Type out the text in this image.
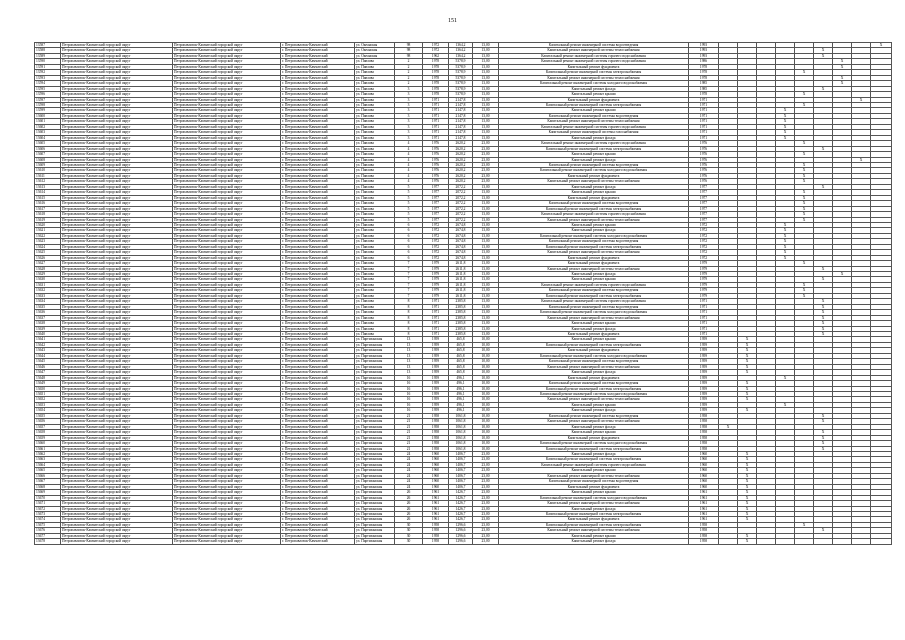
151
13587	Петропавловск-Камчатский городской округ	Петропавловск-Камчатский городской округ	г. Петропавловск-Камчатский	ул. Океанская	98	1972	1364,2	13,00	Капитальный ремонт инженерной системы водоотведения	1993									X
13588	Петропавловск-Камчатский городской округ	Петропавловск-Камчатский городской округ	г. Петропавловск-Камчатский	ул. Океанская	98	1972	1364,2	13,00	Капитальный ремонт инженерной системы теплоснабжения	1993						X			
13589	Петропавловск-Камчатский городской округ	Петропавловск-Камчатский городской округ	г. Петропавловск-Камчатский	ул. Океанская	98	1962	1364,2	13,00	Капитальный ремонт инженерной системы горячего водоснабжения	1993						X			
13590	Петропавловск-Камчатский городской округ	Петропавловск-Камчатский городской округ	г. Петропавловск-Камчатский	ул. Павлова	2	1978	5378,9	13,00	Капитальный ремонт инженерной системы горячего водоснабжения	1986							X		
13591	Петропавловск-Камчатский городской округ	Петропавловск-Камчатский городской округ	г. Петропавловск-Камчатский	ул. Павлова	2	1978	5378,9	13,00	Капитальный ремонт фундамента	1978							X		
13592	Петропавловск-Камчатский городской округ	Петропавловск-Камчатский городской округ	г. Петропавловск-Камчатский	ул. Павлова	2	1978	5378,9	13,00	Капитальный ремонт инженерной системы электроснабжения	1978					X				
13593	Петропавловск-Камчатский городской округ	Петропавловск-Камчатский городской округ	г. Петропавловск-Камчатский	ул. Павлова	2	1978	5378,9	13,00	Капитальный ремонт инженерной системы теплоснабжения	1978							X		
13594	Петропавловск-Камчатский городской округ	Петропавловск-Камчатский городской округ	г. Петропавловск-Камчатский	ул. Павлова	2	1978	5378,9	13,00	Капитальный ремонт инженерной системы холодного водоснабжения	1985							X		
13595	Петропавловск-Камчатский городской округ	Петропавловск-Камчатский городской округ	г. Петропавловск-Камчатский	ул. Павлова	3	1978	5378,9	13,00	Капитальный ремонт фасада	1985						X			
13596	Петропавловск-Камчатский городской округ	Петропавловск-Камчатский городской округ	г. Петропавловск-Камчатский	ул. Павлова	3	1978	5378,9	13,00	Капитальный ремонт крыши	1978					X				
13597	Петропавловск-Камчатский городской округ	Петропавловск-Камчатский городской округ	г. Петропавловск-Камчатский	ул. Павлова	3	1971	2147,8	13,00	Капитальный ремонт фундамента	1971								X	
13598	Петропавловск-Камчатский городской округ	Петропавловск-Камчатский городской округ	г. Петропавловск-Камчатский	ул. Павлова	3	1971	2147,8	13,00	Капитальный ремонт инженерной системы электроснабжения	1971					X				
13599	Петропавловск-Камчатский городской округ	Петропавловск-Камчатский городской округ	г. Петропавловск-Камчатский	ул. Павлова	3	1971	2147,8	13,00	Капитальный ремонт крыши	1971				X					
13600	Петропавловск-Камчатский городской округ	Петропавловск-Камчатский городской округ	г. Петропавловск-Камчатский	ул. Павлова	3	1971	2147,8	13,00	Капитальный ремонт инженерной системы водоотведения	1971				X					
13601	Петропавловск-Камчатский городской округ	Петропавловск-Камчатский городской округ	г. Петропавловск-Камчатский	ул. Павлова	3	1971	2147,8	13,00	Капитальный ремонт инженерной системы теплоснабжения	1971				X					
13602	Петропавловск-Камчатский городской округ	Петропавловск-Камчатский городской округ	г. Петропавловск-Камчатский	ул. Павлова	3	1971	2147,8	13,00	Капитальный ремонт инженерной системы горячего водоснабжения	1971				X					
13603	Петропавловск-Камчатский городской округ	Петропавловск-Камчатский городской округ	г. Петропавловск-Камчатский	ул. Павлова	3	1971	2147,8	13,00	Капитальный ремонт инженерной системы газоснабжения	1971				X					
13604	Петропавловск-Камчатский городской округ	Петропавловск-Камчатский городской округ	г. Петропавловск-Камчатский	ул. Павлова	3	1971	2147,8	13,00	Капитальный ремонт фасада	1971				X					
13605	Петропавловск-Камчатский городской округ	Петропавловск-Камчатский городской округ	г. Петропавловск-Камчатский	ул. Павлова	4	1976	2620,2	23,00	Капитальный ремонт инженерной системы горячего водоснабжения	1976					X				
13606	Петропавловск-Камчатский городской округ	Петропавловск-Камчатский городской округ	г. Петропавловск-Камчатский	ул. Павлова	4	1976	2620,2	23,00	Капитальный ремонт инженерной системы электроснабжения	1976						X			
13607	Петропавловск-Камчатский городской округ	Петропавловск-Камчатский городской округ	г. Петропавловск-Камчатский	ул. Павлова	4	1976	2620,2	23,00	Капитальный ремонт крыши	1976					X				
13608	Петропавловск-Камчатский городской округ	Петропавловск-Камчатский городской округ	г. Петропавловск-Камчатский	ул. Павлова	4	1976	2620,2	23,00	Капитальный ремонт фасада	1976								X	
13609	Петропавловск-Камчатский городской округ	Петропавловск-Камчатский городской округ	г. Петропавловск-Камчатский	ул. Павлова	4	1976	2620,2	23,00	Капитальный ремонт инженерной системы водоотведения	1976					X				
13610	Петропавловск-Камчатский городской округ	Петропавловск-Камчатский городской округ	г. Петропавловск-Камчатский	ул. Павлова	4	1976	2620,2	23,00	Капитальный ремонт инженерной системы холодного водоснабжения	1976					X				
13611	Петропавловск-Камчатский городской округ	Петропавловск-Камчатский городской округ	г. Петропавловск-Камчатский	ул. Павлова	4	1976	2620,2	23,00	Капитальный ремонт фундамента	1976					X				
13612	Петропавловск-Камчатский городской округ	Петропавловск-Камчатский городской округ	г. Петропавловск-Камчатский	ул. Павлова	4	1976	2620,2	23,00	Капитальный ремонт инженерной системы теплоснабжения	1976					X				
13613	Петропавловск-Камчатский городской округ	Петропавловск-Камчатский городской округ	г. Петропавловск-Камчатский	ул. Павлова	5	1977	2072,2	13,00	Капитальный ремонт фасада	1977						X			
13614	Петропавловск-Камчатский городской округ	Петропавловск-Камчатский городской округ	г. Петропавловск-Камчатский	ул. Павлова	5	1977	2072,2	13,00	Капитальный ремонт крыши	1977					X				
13615	Петропавловск-Камчатский городской округ	Петропавловск-Камчатский городской округ	г. Петропавловск-Камчатский	ул. Павлова	5	1977	2072,2	13,00	Капитальный ремонт фундамента	1977					X				
13616	Петропавловск-Камчатский городской округ	Петропавловск-Камчатский городской округ	г. Петропавловск-Камчатский	ул. Павлова	5	1977	2072,2	13,00	Капитальный ремонт инженерной системы водоотведения	1977					X				
13617	Петропавловск-Камчатский городской округ	Петропавловск-Камчатский городской округ	г. Петропавловск-Камчатский	ул. Павлова	5	1977	2072,2	13,00	Капитальный ремонт инженерной системы электроснабжения	1977					X				
13618	Петропавловск-Камчатский городской округ	Петропавловск-Камчатский городской округ	г. Петропавловск-Камчатский	ул. Павлова	5	1977	2072,2	13,00	Капитальный ремонт инженерной системы горячего водоснабжения	1977					X				
13619	Петропавловск-Камчатский городской округ	Петропавловск-Камчатский городской округ	г. Петропавловск-Камчатский	ул. Павлова	5	1977	2072,2	13,00	Капитальный ремонт инженерной системы теплоснабжения	1977					X				
13620	Петропавловск-Камчатский городской округ	Петропавловск-Камчатский городской округ	г. Петропавловск-Камчатский	ул. Павлова	6	1972	2674,8	13,00	Капитальный ремонт крыши	1972				X					
13621	Петропавловск-Камчатский городской округ	Петропавловск-Камчатский городской округ	г. Петропавловск-Камчатский	ул. Павлова	6	1972	2674,8	13,00	Капитальный ремонт фасада	1972				X					
13622	Петропавловск-Камчатский городской округ	Петропавловск-Камчатский городской округ	г. Петропавловск-Камчатский	ул. Павлова	6	1972	2674,8	13,00	Капитальный ремонт инженерной системы холодного водоснабжения	1972				X					
13623	Петропавловск-Камчатский городской округ	Петропавловск-Камчатский городской округ	г. Петропавловск-Камчатский	ул. Павлова	6	1972	2674,8	13,00	Капитальный ремонт инженерной системы водоотведения	1972				X					
13624	Петропавловск-Камчатский городской округ	Петропавловск-Камчатский городской округ	г. Петропавловск-Камчатский	ул. Павлова	6	1972	2674,8	13,00	Капитальный ремонт инженерной системы электроснабжения	1972				X					
13625	Петропавловск-Камчатский городской округ	Петропавловск-Камчатский городской округ	г. Петропавловск-Камчатский	ул. Павлова	6	1972	2674,8	13,00	Капитальный ремонт инженерной системы теплоснабжения	1972				X					
13626	Петропавловск-Камчатский городской округ	Петропавловск-Камчатский городской округ	г. Петропавловск-Камчатский	ул. Павлова	6	1972	2674,8	13,00	Капитальный ремонт фундамента	1972				X					
13627	Петропавловск-Камчатский городской округ	Петропавловск-Камчатский городской округ	г. Петропавловск-Камчатский	ул. Павлова	7	1979	2611,8	13,00	Капитальный ремонт фундамента	1979					X				
13628	Петропавловск-Камчатский городской округ	Петропавловск-Камчатский городской округ	г. Петропавловск-Камчатский	ул. Павлова	7	1979	2611,8	13,00	Капитальный ремонт инженерной системы теплоснабжения	1979						X			
13629	Петропавловск-Камчатский городской округ	Петропавловск-Камчатский городской округ	г. Петропавловск-Камчатский	ул. Павлова	7	1979	2611,8	13,00	Капитальный ремонт фасада	1979							X		
13630	Петропавловск-Камчатский городской округ	Петропавловск-Камчатский городской округ	г. Петропавловск-Камчатский	ул. Павлова	7	1979	2611,8	13,00	Капитальный ремонт крыши	1979						X			
13631	Петропавловск-Камчатский городской округ	Петропавловск-Камчатский городской округ	г. Петропавловск-Камчатский	ул. Павлова	7	1979	2611,8	13,00	Капитальный ремонт инженерной системы горячего водоснабжения	1979					X				
13632	Петропавловск-Камчатский городской округ	Петропавловск-Камчатский городской округ	г. Петропавловск-Камчатский	ул. Павлова	7	1979	2611,8	13,00	Капитальный ремонт инженерной системы водоотведения	1979					X				
13633	Петропавловск-Камчатский городской округ	Петропавловск-Камчатский городской округ	г. Петропавловск-Камчатский	ул. Павлова	7	1979	2611,8	13,00	Капитальный ремонт инженерной системы электроснабжения	1979					X				
13634	Петропавловск-Камчатский городской округ	Петропавловск-Камчатский городской округ	г. Петропавловск-Камчатский	ул. Павлова	8	1971	2385,8	13,00	Капитальный ремонт инженерной системы горячего водоснабжения	1971						X			
13635	Петропавловск-Камчатский городской округ	Петропавловск-Камчатский городской округ	г. Петропавловск-Камчатский	ул. Павлова	8	1971	2385,8	13,00	Капитальный ремонт инженерной системы водоотведения	1971						X			
13636	Петропавловск-Камчатский городской округ	Петропавловск-Камчатский городской округ	г. Петропавловск-Камчатский	ул. Павлова	8	1971	2385,8	13,00	Капитальный ремонт инженерной системы холодного водоснабжения	1971						X			
13637	Петропавловск-Камчатский городской округ	Петропавловск-Камчатский городской округ	г. Петропавловск-Камчатский	ул. Павлова	8	1971	2385,8	13,00	Капитальный ремонт инженерной системы теплоснабжения	1971						X			
13638	Петропавловск-Камчатский городской округ	Петропавловск-Камчатский городской округ	г. Петропавловск-Камчатский	ул. Павлова	8	1971	2385,8	13,00	Капитальный ремонт крыши	1971						X			
13639	Петропавловск-Камчатский городской округ	Петропавловск-Камчатский городской округ	г. Петропавловск-Камчатский	ул. Павлова	8	1971	2385,8	13,00	Капитальный ремонт фасада	1971						X			
13640	Петропавловск-Камчатский городской округ	Петропавловск-Камчатский городской округ	г. Петропавловск-Камчатский	ул. Павлова	8	1971	2385,8	13,00	Капитальный ремонт фундамента	1971						X			
13641	Петропавловск-Камчатский городской округ	Петропавловск-Камчатский городской округ	г. Петропавловск-Камчатский	ул. Партизанская	13	1959	465,8	10,00	Капитальный ремонт крыши	1959		X							
13642	Петропавловск-Камчатский городской округ	Петропавловск-Камчатский городской округ	г. Петропавловск-Камчатский	ул. Партизанская	13	1959	465,8	10,00	Капитальный ремонт инженерной системы электроснабжения	1959		X							
13643	Петропавловск-Камчатский городской округ	Петропавловск-Камчатский городской округ	г. Петропавловск-Камчатский	ул. Партизанская	13	1959	465,8	10,00	Капитальный ремонт фундамента	1959		X							
13644	Петропавловск-Камчатский городской округ	Петропавловск-Камчатский городской округ	г. Петропавловск-Камчатский	ул. Партизанская	13	1959	465,8	10,00	Капитальный ремонт инженерной системы холодного водоснабжения	1959		X							
13645	Петропавловск-Камчатский городской округ	Петропавловск-Камчатский городской округ	г. Петропавловск-Камчатский	ул. Партизанская	13	1959	465,8	10,00	Капитальный ремонт инженерной системы водоотведения	1959		X							
13646	Петропавловск-Камчатский городской округ	Петропавловск-Камчатский городской округ	г. Петропавловск-Камчатский	ул. Партизанская	13	1959	465,8	10,00	Капитальный ремонт инженерной системы теплоснабжения	1959		X							
13647	Петропавловск-Камчатский городской округ	Петропавловск-Камчатский городской округ	г. Петропавловск-Камчатский	ул. Партизанская	13	1959	465,8	10,00	Капитальный ремонт фасада	1959		X							
13648	Петропавловск-Камчатский городской округ	Петропавловск-Камчатский городской округ	г. Петропавловск-Камчатский	ул. Партизанская	16	1959	496,1	10,00	Капитальный ремонт фундамента	1959				X					
13649	Петропавловск-Камчатский городской округ	Петропавловск-Камчатский городской округ	г. Петропавловск-Камчатский	ул. Партизанская	16	1959	496,1	10,00	Капитальный ремонт инженерной системы водоотведения	1959		X							
13650	Петропавловск-Камчатский городской округ	Петропавловск-Камчатский городской округ	г. Петропавловск-Камчатский	ул. Партизанская	16	1959	496,1	10,00	Капитальный ремонт инженерной системы электроснабжения	1959		X							
13651	Петропавловск-Камчатский городской округ	Петропавловск-Камчатский городской округ	г. Петропавловск-Камчатский	ул. Партизанская	16	1959	496,1	10,00	Капитальный ремонт инженерной системы холодного водоснабжения	1959		X							
13652	Петропавловск-Камчатский городской округ	Петропавловск-Камчатский городской округ	г. Петропавловск-Камчатский	ул. Партизанская	16	1959	496,1	10,00	Капитальный ремонт инженерной системы теплоснабжения	1959		X							
13653	Петропавловск-Камчатский городской округ	Петропавловск-Камчатский городской округ	г. Петропавловск-Камчатский	ул. Партизанская	16	1959	496,1	10,00	Капитальный ремонт крыши	1959				X					
13654	Петропавловск-Камчатский городской округ	Петропавловск-Камчатский городской округ	г. Петропавловск-Камчатский	ул. Партизанская	16	1959	496,1	10,00	Капитальный ремонт фасада	1959		X							
13655	Петропавловск-Камчатский городской округ	Петропавловск-Камчатский городской округ	г. Петропавловск-Камчатский	ул. Партизанская	21	1958	1061,8	10,00	Капитальный ремонт инженерной системы водоотведения	1958						X			
13656	Петропавловск-Камчатский городской округ	Петропавловск-Камчатский городской округ	г. Петропавловск-Камчатский	ул. Партизанская	21	1958	1061,8	10,00	Капитальный ремонт инженерной системы теплоснабжения	1958						X			
13657	Петропавловск-Камчатский городской округ	Петропавловск-Камчатский городской округ	г. Петропавловск-Камчатский	ул. Партизанская	21	1958	1061,8	10,00	Капитальный ремонт фасада	1958	X								
13658	Петропавловск-Камчатский городской округ	Петропавловск-Камчатский городской округ	г. Петропавловск-Камчатский	ул. Партизанская	21	1958	1061,8	10,00	Капитальный ремонт крыши	1958						X			
13659	Петропавловск-Камчатский городской округ	Петропавловск-Камчатский городской округ	г. Петропавловск-Камчатский	ул. Партизанская	21	1958	1061,8	10,00	Капитальный ремонт фундамента	1958						X			
13660	Петропавловск-Камчатский городской округ	Петропавловск-Камчатский городской округ	г. Петропавловск-Камчатский	ул. Партизанская	21	1958	1061,8	10,00	Капитальный ремонт инженерной системы холодного водоснабжения	1958						X			
13661	Петропавловск-Камчатский городской округ	Петропавловск-Камчатский городской округ	г. Петропавловск-Камчатский	ул. Партизанская	21	1958	1061,8	10,00	Капитальный ремонт инженерной системы электроснабжения	1958						X			
13662	Петропавловск-Камчатский городской округ	Петропавловск-Камчатский городской округ	г. Петропавловск-Камчатский	ул. Партизанская	24	1960	1406,7	23,00	Капитальный ремонт фасада	1960		X							
13663	Петропавловск-Камчатский городской округ	Петропавловск-Камчатский городской округ	г. Петропавловск-Камчатский	ул. Партизанская	24	1960	1406,7	23,00	Капитальный ремонт инженерной системы электроснабжения	1960		X							
13664	Петропавловск-Камчатский городской округ	Петропавловск-Камчатский городской округ	г. Петропавловск-Камчатский	ул. Партизанская	24	1960	1406,7	23,00	Капитальный ремонт инженерной системы горячего водоснабжения	1960		X							
13665	Петропавловск-Камчатский городской округ	Петропавловск-Камчатский городской округ	г. Петропавловск-Камчатский	ул. Партизанская	24	1960	1406,7	23,00	Капитальный ремонт крыши	1960		X							
13666	Петропавловск-Камчатский городской округ	Петропавловск-Камчатский городской округ	г. Петропавловск-Камчатский	ул. Партизанская	24	1960	1406,7	23,00	Капитальный ремонт инженерной системы теплоснабжения	1960		X							
13667	Петропавловск-Камчатский городской округ	Петропавловск-Камчатский городской округ	г. Петропавловск-Камчатский	ул. Партизанская	24	1960	1406,7	23,00	Капитальный ремонт инженерной системы водоотведения	1960		X							
13668	Петропавловск-Камчатский городской округ	Петропавловск-Камчатский городской округ	г. Петропавловск-Камчатский	ул. Партизанская	24	1960	1406,7	23,00	Капитальный ремонт фундамента	1960		X							
13669	Петропавловск-Камчатский городской округ	Петропавловск-Камчатский городской округ	г. Петропавловск-Камчатский	ул. Партизанская	26	1961	1426,7	23,00	Капитальный ремонт крыши	1961		X							
13670	Петропавловск-Камчатский городской округ	Петропавловск-Камчатский городской округ	г. Петропавловск-Камчатский	ул. Партизанская	26	1961	1426,7	23,00	Капитальный ремонт инженерной системы холодного водоснабжения	1961		X							
13671	Петропавловск-Камчатский городской округ	Петропавловск-Камчатский городской округ	г. Петропавловск-Камчатский	ул. Партизанская	26	1961	1426,7	23,00	Капитальный ремонт инженерной системы теплоснабжения	1961		X							
13672	Петропавловск-Камчатский городской округ	Петропавловск-Камчатский городской округ	г. Петропавловск-Камчатский	ул. Партизанская	26	1961	1426,7	23,00	Капитальный ремонт фасада	1961		X							
13673	Петропавловск-Камчатский городской округ	Петропавловск-Камчатский городской округ	г. Петропавловск-Камчатский	ул. Партизанская	26	1961	1426,7	23,00	Капитальный ремонт инженерной системы электроснабжения	1961		X							
13674	Петропавловск-Камчатский городской округ	Петропавловск-Камчатский городской округ	г. Петропавловск-Камчатский	ул. Партизанская	26	1961	1426,7	23,00	Капитальный ремонт фундамента	1961		X							
13675	Петропавловск-Камчатский городской округ	Петропавловск-Камчатский городской округ	г. Петропавловск-Камчатский	ул. Партизанская	30	1958	1296,6	23,00	Капитальный ремонт инженерной системы электроснабжения	1958					X				
13676	Петропавловск-Камчатский городской округ	Петропавловск-Камчатский городской округ	г. Петропавловск-Камчатский	ул. Партизанская	30	1958	1296,6	23,00	Капитальный ремонт инженерной системы теплоснабжения	1958						X			
13677	Петропавловск-Камчатский городской округ	Петропавловск-Камчатский городской округ	г. Петропавловск-Камчатский	ул. Партизанская	30	1958	1296,6	23,00	Капитальный ремонт крыши	1958		X							
13678	Петропавловск-Камчатский городской округ	Петропавловск-Камчатский городской округ	г. Петропавловск-Камчатский	ул. Партизанская	30	1958	1296,6	23,00	Капитальный ремонт фасада	1958		X							
